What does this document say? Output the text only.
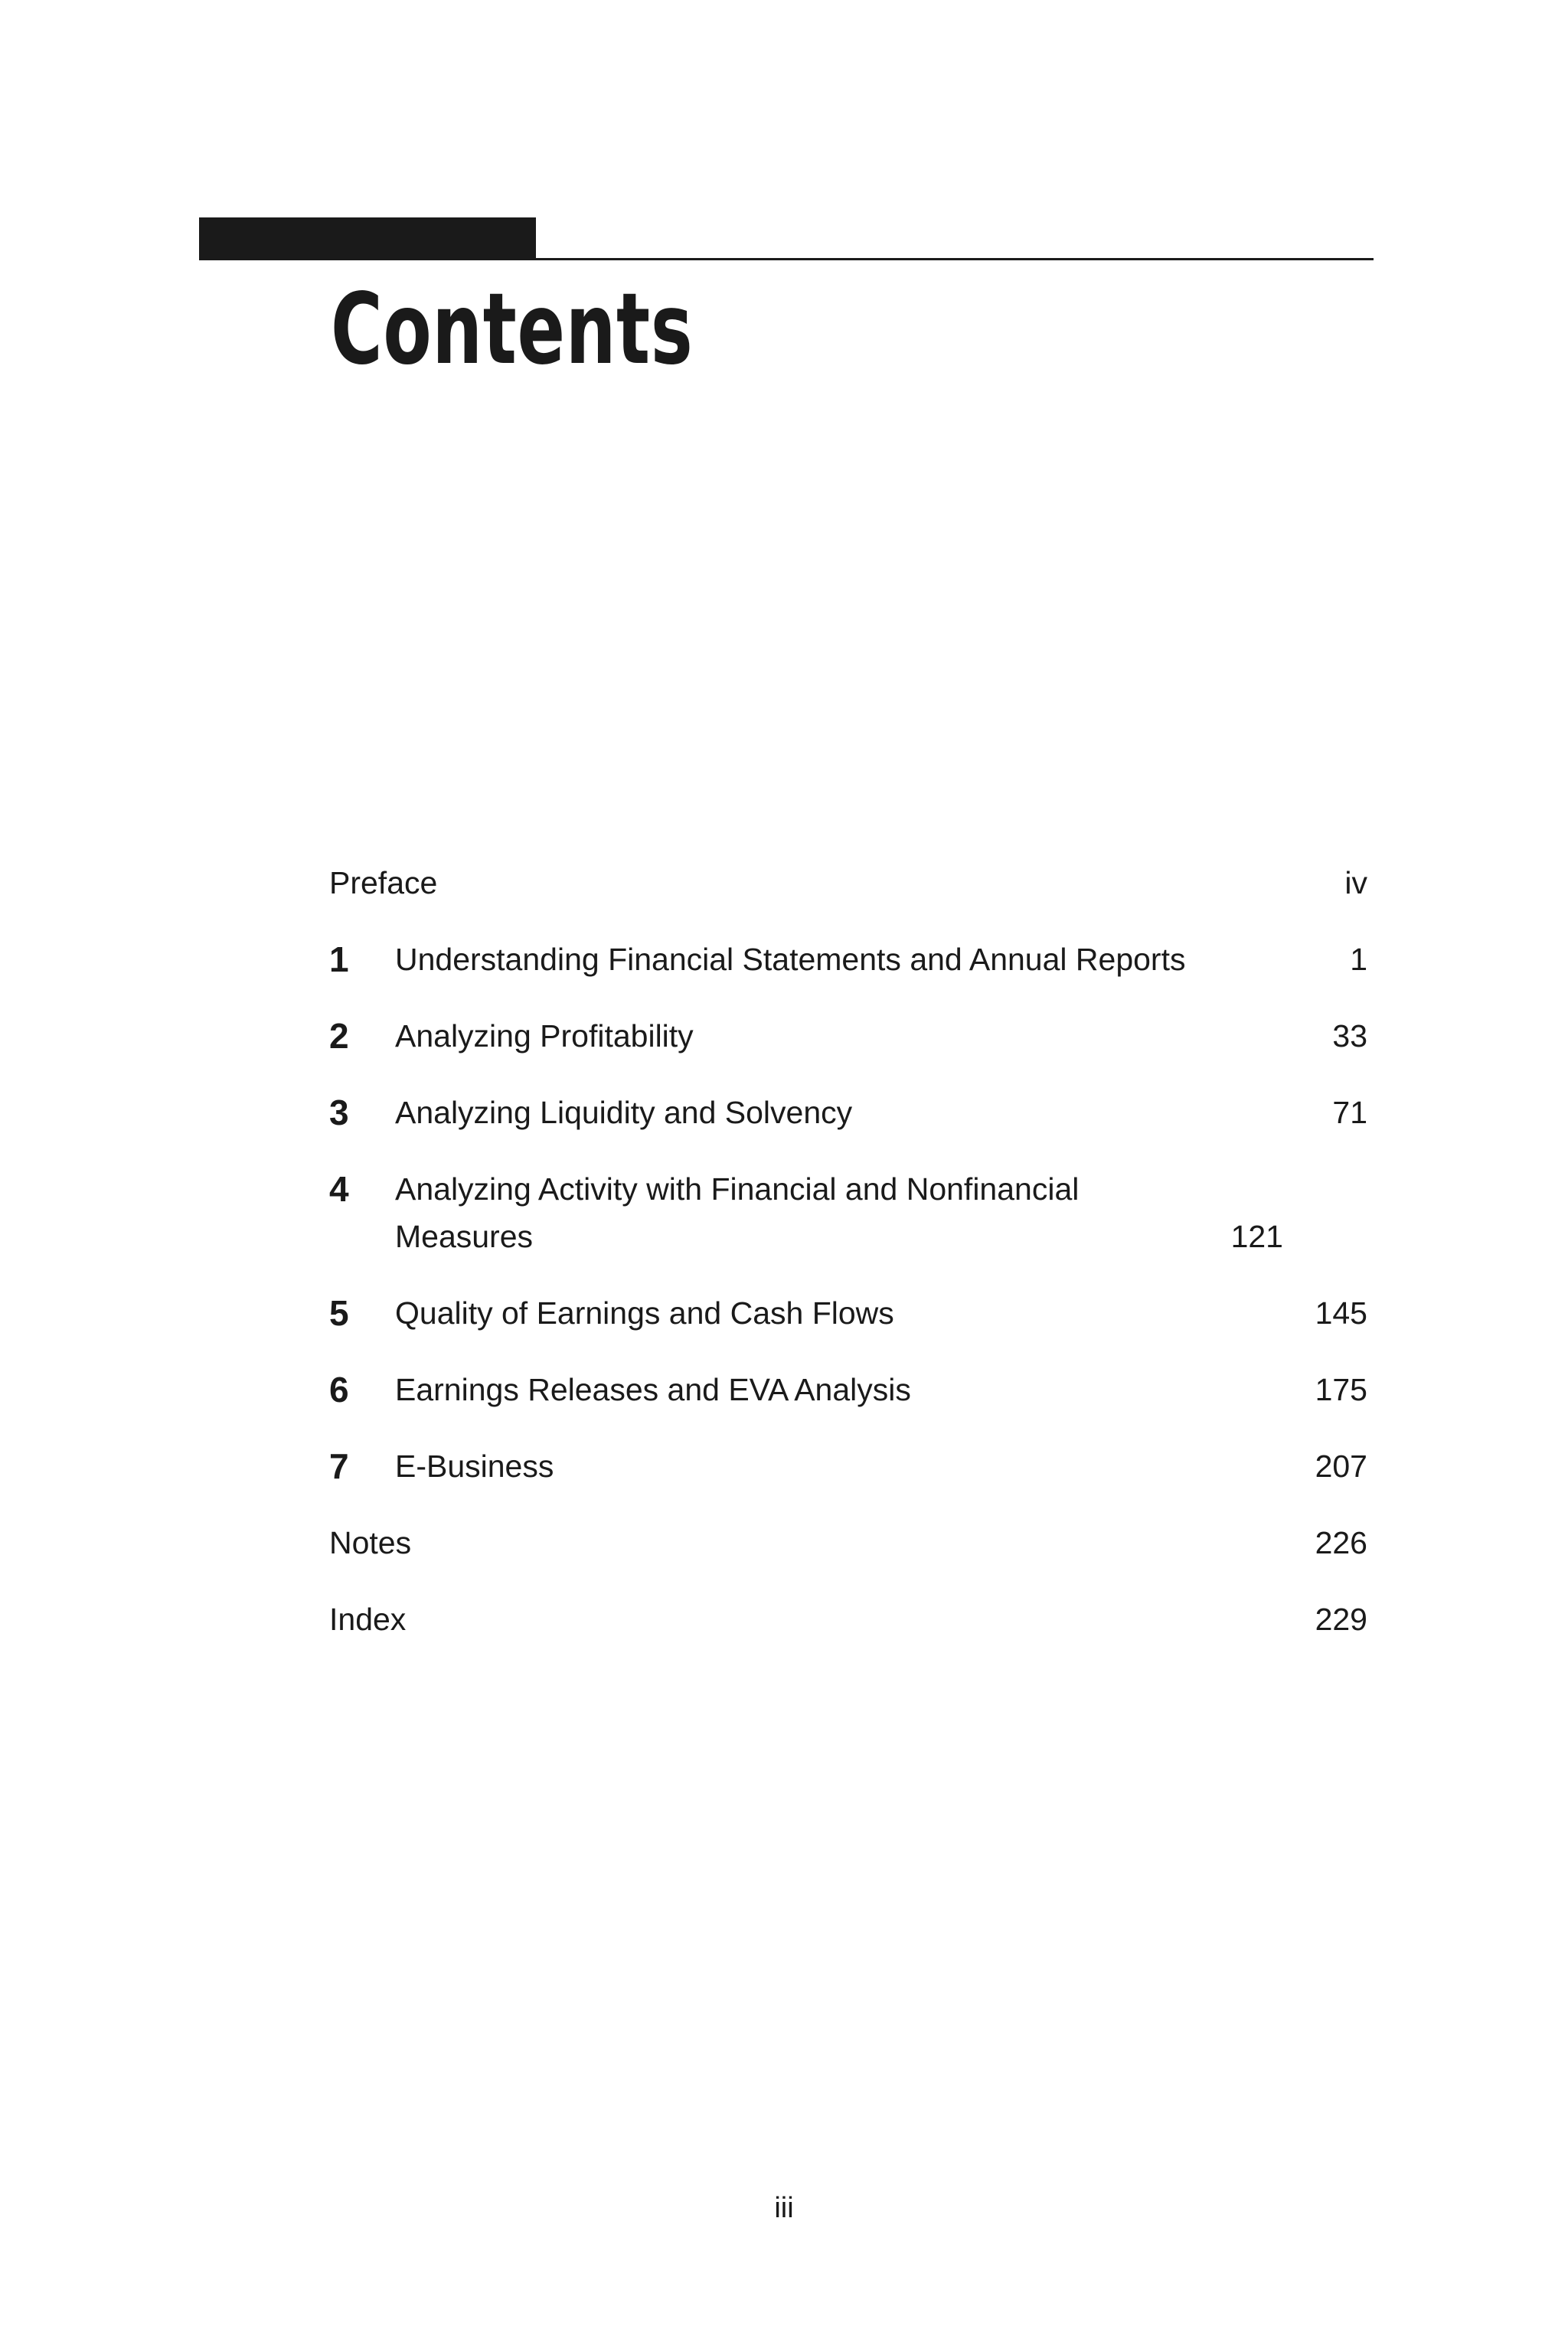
Contents
Preface	iv
1	Understanding Financial Statements and Annual Reports	1
2	Analyzing Profitability	33
3	Analyzing Liquidity and Solvency	71
4	Analyzing Activity with Financial and Nonfinancial Measures	121
5	Quality of Earnings and Cash Flows	145
6	Earnings Releases and EVA Analysis	175
7	E-Business	207
Notes	226
Index	229
iii
